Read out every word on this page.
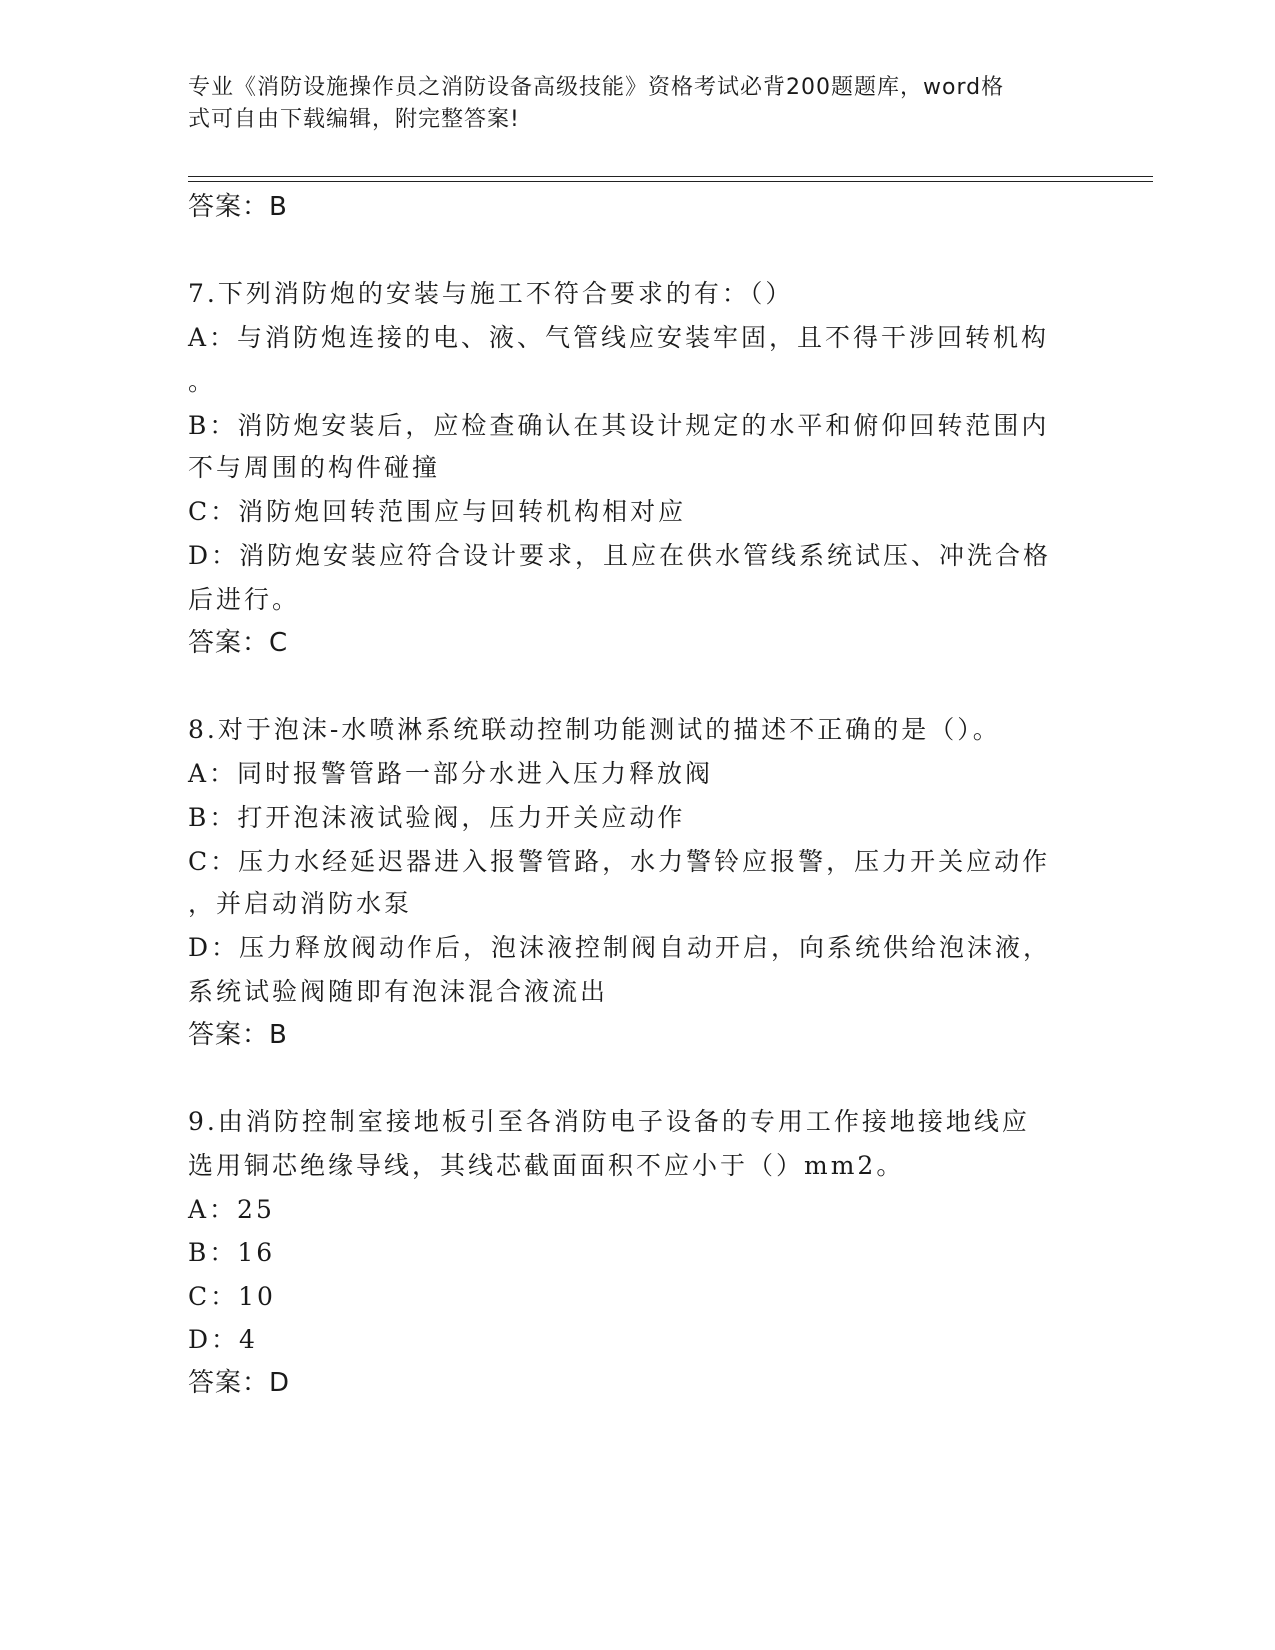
专业《消防设施操作员之消防设备高级技能》资格考试必背200题题库，word格
式可自由下载编辑，附完整答案!
答案：B
7.下列消防炮的安装与施工不符合要求的有：（）
A：与消防炮连接的电、液、气管线应安装牢固，且不得干涉回转机构
。
B：消防炮安装后，应检查确认在其设计规定的水平和俯仰回转范围内
不与周围的构件碰撞
C：消防炮回转范围应与回转机构相对应
D：消防炮安装应符合设计要求，且应在供水管线系统试压、冲洗合格
后进行。
答案：C
8.对于泡沫-水喷淋系统联动控制功能测试的描述不正确的是（）。
A：同时报警管路一部分水进入压力释放阀
B：打开泡沫液试验阀，压力开关应动作
C：压力水经延迟器进入报警管路，水力警铃应报警，压力开关应动作
，并启动消防水泵
D：压力释放阀动作后，泡沫液控制阀自动开启，向系统供给泡沫液，
系统试验阀随即有泡沫混合液流出
答案：B
9.由消防控制室接地板引至各消防电子设备的专用工作接地接地线应
选用铜芯绝缘导线，其线芯截面面积不应小于（）mm2。
A：25
B：16
C：10
D：4
答案：D
